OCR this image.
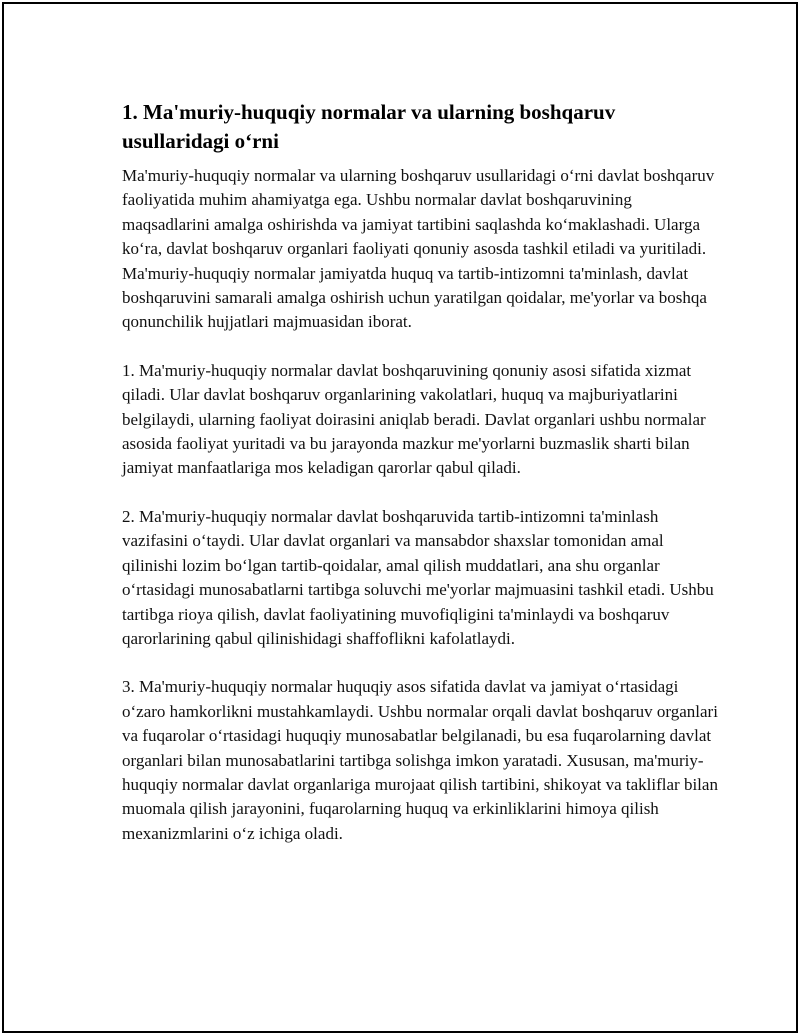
1. Ma'muriy-huquqiy normalar va ularning boshqaruv usullaridagi o‘rni

Ma'muriy-huquqiy normalar va ularning boshqaruv usullaridagi o‘rni davlat boshqaruv faoliyatida muhim ahamiyatga ega. Ushbu normalar davlat boshqaruvining maqsadlarini amalga oshirishda va jamiyat tartibini saqlashda ko‘maklashadi. Ularga ko‘ra, davlat boshqaruv organlari faoliyati qonuniy asosda tashkil etiladi va yuritiladi. Ma'muriy-huquqiy normalar jamiyatda huquq va tartib-intizomni ta'minlash, davlat boshqaruvini samarali amalga oshirish uchun yaratilgan qoidalar, me'yorlar va boshqa qonunchilik hujjatlari majmuasidan iborat.

1. Ma'muriy-huquqiy normalar davlat boshqaruvining qonuniy asosi sifatida xizmat qiladi. Ular davlat boshqaruv organlarining vakolatlari, huquq va majburiyatlarini belgilaydi, ularning faoliyat doirasini aniqlab beradi. Davlat organlari ushbu normalar asosida faoliyat yuritadi va bu jarayonda mazkur me'yorlarni buzmaslik sharti bilan jamiyat manfaatlariga mos keladigan qarorlar qabul qiladi.

2. Ma'muriy-huquqiy normalar davlat boshqaruvida tartib-intizomni ta'minlash vazifasini o‘taydi. Ular davlat organlari va mansabdor shaxslar tomonidan amal qilinishi lozim bo‘lgan tartib-qoidalar, amal qilish muddatlari, ana shu organlar o‘rtasidagi munosabatlarni tartibga soluvchi me'yorlar majmuasini tashkil etadi. Ushbu tartibga rioya qilish, davlat faoliyatining muvofiqligini ta'minlaydi va boshqaruv qarorlarining qabul qilinishidagi shaffoflikni kafolatlaydi.

3. Ma'muriy-huquqiy normalar huquqiy asos sifatida davlat va jamiyat o‘rtasidagi o‘zaro hamkorlikni mustahkamlaydi. Ushbu normalar orqali davlat boshqaruv organlari va fuqarolar o‘rtasidagi huquqiy munosabatlar belgilanadi, bu esa fuqarolarning davlat organlari bilan munosabatlarini tartibga solishga imkon yaratadi. Xususan, ma'muriy-huquqiy normalar davlat organlariga murojaat qilish tartibini, shikoyat va takliflar bilan muomala qilish jarayonini, fuqarolarning huquq va erkinliklarini himoya qilish mexanizmlarini o‘z ichiga oladi.
